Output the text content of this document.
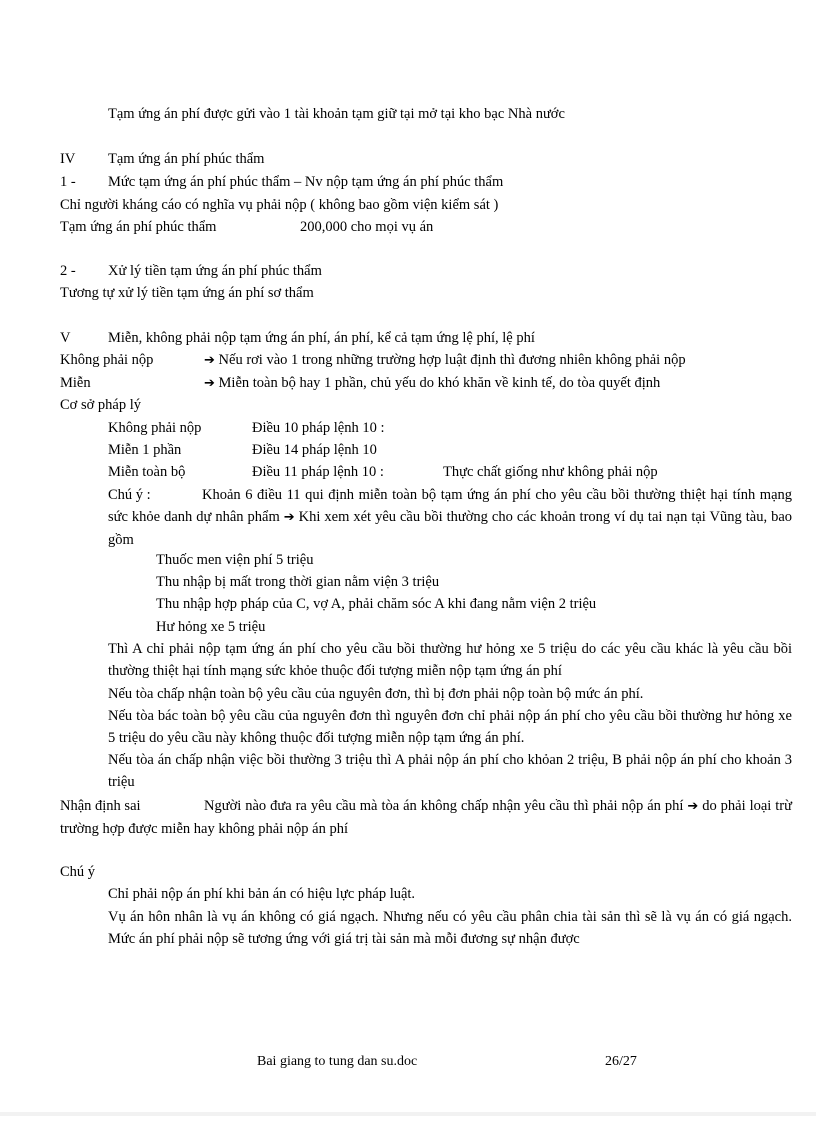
Tạm ứng án phí được gửi vào 1 tài khoản tạm giữ tại mở tại kho bạc Nhà nước
IV Tạm ứng án phí phúc thẩm
1 - Mức tạm ứng án phí phúc thẩm – Nv nộp tạm ứng án phí phúc thẩm
Chỉ người kháng cáo có nghĩa vụ phải nộp ( không bao gồm viện kiểm sát )
Tạm ứng án phí phúc thẩm	200,000 cho mọi vụ án
2 - Xử lý tiền tạm ứng án phí phúc thẩm
Tương tự xử lý tiền tạm ứng án phí sơ thẩm
V	Miễn, không phải nộp tạm ứng án phí, án phí, kể cả tạm ứng lệ phí, lệ phí
Không phải nộp	➔ Nếu rơi vào 1 trong những trường hợp luật định thì đương nhiên không phải nộp
Miễn	➔ Miễn toàn bộ hay 1 phần, chủ yếu do khó khăn về kinh tế, do tòa quyết định
Cơ sở pháp lý
Không phải nộp	Điều 10 pháp lệnh 10 :
Miễn 1 phần	Điều 14 pháp lệnh 10
Miễn toàn bộ	Điều 11 pháp lệnh 10 :	Thực chất giống như không phải nộp
Chú ý :	Khoản 6 điều 11 qui định miễn toàn bộ tạm ứng án phí cho yêu cầu bồi thường thiệt hại tính mạng sức khỏe danh dự nhân phẩm ➔ Khi xem xét yêu cầu bồi thường cho các khoản trong ví dụ tai nạn tại Vũng tàu, bao gồm
Thuốc men viện phí 5 triệu
Thu nhập bị mất trong thời gian nằm viện 3 triệu
Thu nhập hợp pháp của C, vợ A, phải chăm sóc A khi đang nằm viện 2 triệu
Hư hỏng xe 5 triệu
Thì A chỉ phải nộp tạm ứng án phí cho yêu cầu bồi thường hư hỏng xe 5 triệu do các yêu cầu khác là yêu cầu bồi thường thiệt hại tính mạng sức khỏe thuộc đối tượng miễn nộp tạm ứng án phí
Nếu tòa chấp nhận toàn bộ yêu cầu của nguyên đơn, thì bị đơn phải nộp toàn bộ mức án phí.
Nếu tòa bác toàn bộ yêu cầu của nguyên đơn thì nguyên đơn chỉ phải nộp án phí cho yêu cầu bồi thường hư hỏng xe 5 triệu do yêu cầu này không thuộc đối tượng miễn nộp tạm ứng án phí.
Nếu tòa án chấp nhận việc bồi thường 3 triệu thì A phải nộp án phí cho khỏan 2 triệu, B phải nộp án phí cho khoản 3 triệu
Nhận định sai	Người nào đưa ra yêu cầu mà tòa án không chấp nhận yêu cầu thì phải nộp án phí ➔ do phải loại trừ trường hợp được miễn hay không phải nộp án phí
Chú ý
Chỉ phải nộp án phí khi bản án có hiệu lực pháp luật.
Vụ án hôn nhân là vụ án không có giá ngạch. Nhưng nếu có yêu cầu phân chia tài sản thì sẽ là vụ án có giá ngạch. Mức án phí phải nộp sẽ tương ứng với giá trị tài sản mà mỗi đương sự nhận được
Bai giang to tung dan su.doc	26/27
